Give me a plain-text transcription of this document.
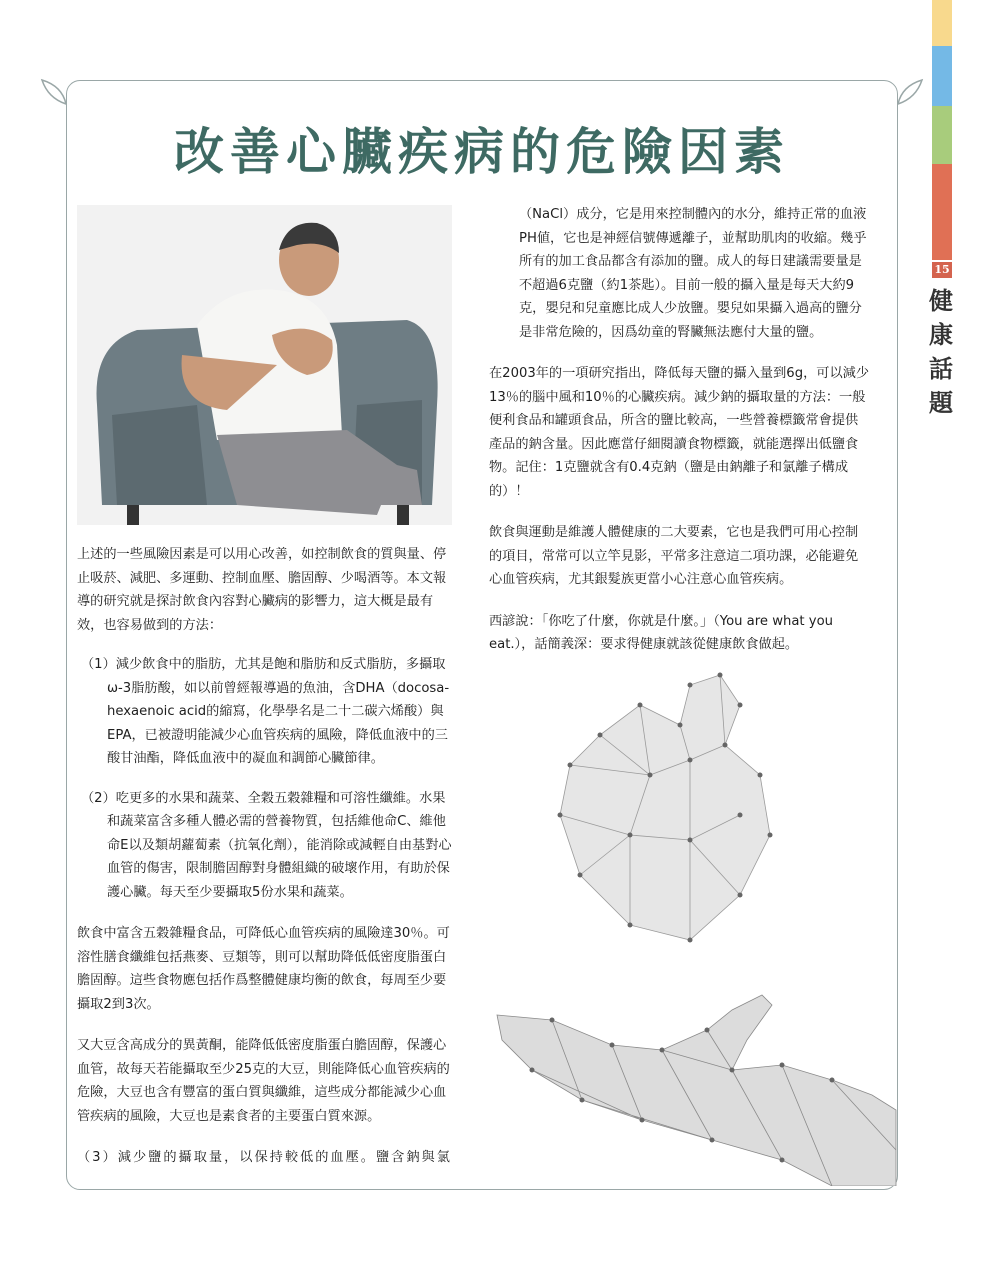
15
健
康
話
題
改善心臟疾病的危險因素

上述的一些風險因素是可以用心改善，如控制飲食的質與量、停止吸菸、減肥、多運動、控制血壓、膽固醇、少喝酒等。本文報導的研究就是探討飲食內容對心臟病的影響力，這大概是最有效，也容易做到的方法：

（1）減少飲食中的脂肪，尤其是飽和脂肪和反式脂肪，多攝取ω-3脂肪酸，如以前曾經報導過的魚油，含DHA（docosa-hexaenoic acid的縮寫，化學學名是二十二碳六烯酸）與EPA，已被證明能減少心血管疾病的風險，降低血液中的三酸甘油酯，降低血液中的凝血和調節心臟節律。

（2）吃更多的水果和蔬菜、全穀五穀雜糧和可溶性纖維。水果和蔬菜富含多種人體必需的營養物質，包括維他命C、維他命E以及類胡蘿蔔素（抗氧化劑），能消除或減輕自由基對心血管的傷害，限制膽固醇對身體組織的破壞作用，有助於保護心臟。每天至少要攝取5份水果和蔬菜。

飲食中富含五穀雜糧食品，可降低心血管疾病的風險達30％。可溶性膳食纖維包括燕麥、豆類等，則可以幫助降低低密度脂蛋白膽固醇。這些食物應包括作爲整體健康均衡的飲食，每周至少要攝取2到3次。

又大豆含高成分的異黃酮，能降低低密度脂蛋白膽固醇，保護心血管，故每天若能攝取至少25克的大豆，則能降低心血管疾病的危險，大豆也含有豐富的蛋白質與纖維，這些成分都能減少心血管疾病的風險，大豆也是素食者的主要蛋白質來源。

（3）減少鹽的攝取量，以保持較低的血壓。鹽含鈉與氯

（NaCl）成分，它是用來控制體內的水分，維持正常的血液PH値，它也是神經信號傳遞離子，並幫助肌肉的收縮。幾乎所有的加工食品都含有添加的鹽。成人的每日建議需要量是不超過6克鹽（約1茶匙）。目前一般的攝入量是每天大約9克，嬰兒和兒童應比成人少放鹽。嬰兒如果攝入過高的鹽分是非常危險的，因爲幼童的腎臟無法應付大量的鹽。

在2003年的一項研究指出，降低每天鹽的攝入量到6g，可以減少13％的腦中風和10％的心臟疾病。減少鈉的攝取量的方法：一般便利食品和罐頭食品，所含的鹽比較高，一些營養標籤常會提供產品的鈉含量。因此應當仔細閱讀食物標籤，就能選擇出低鹽食物。記住：1克鹽就含有0.4克鈉（鹽是由鈉離子和氯離子構成的）！

飲食與運動是維護人體健康的二大要素，它也是我們可用心控制的項目，常常可以立竿見影，平常多注意這二項功課，必能避免心血管疾病，尤其銀髮族更當小心注意心血管疾病。

西諺說：「你吃了什麼，你就是什麼。」（You are what you eat.），話簡義深：要求得健康就該從健康飲食做起。
